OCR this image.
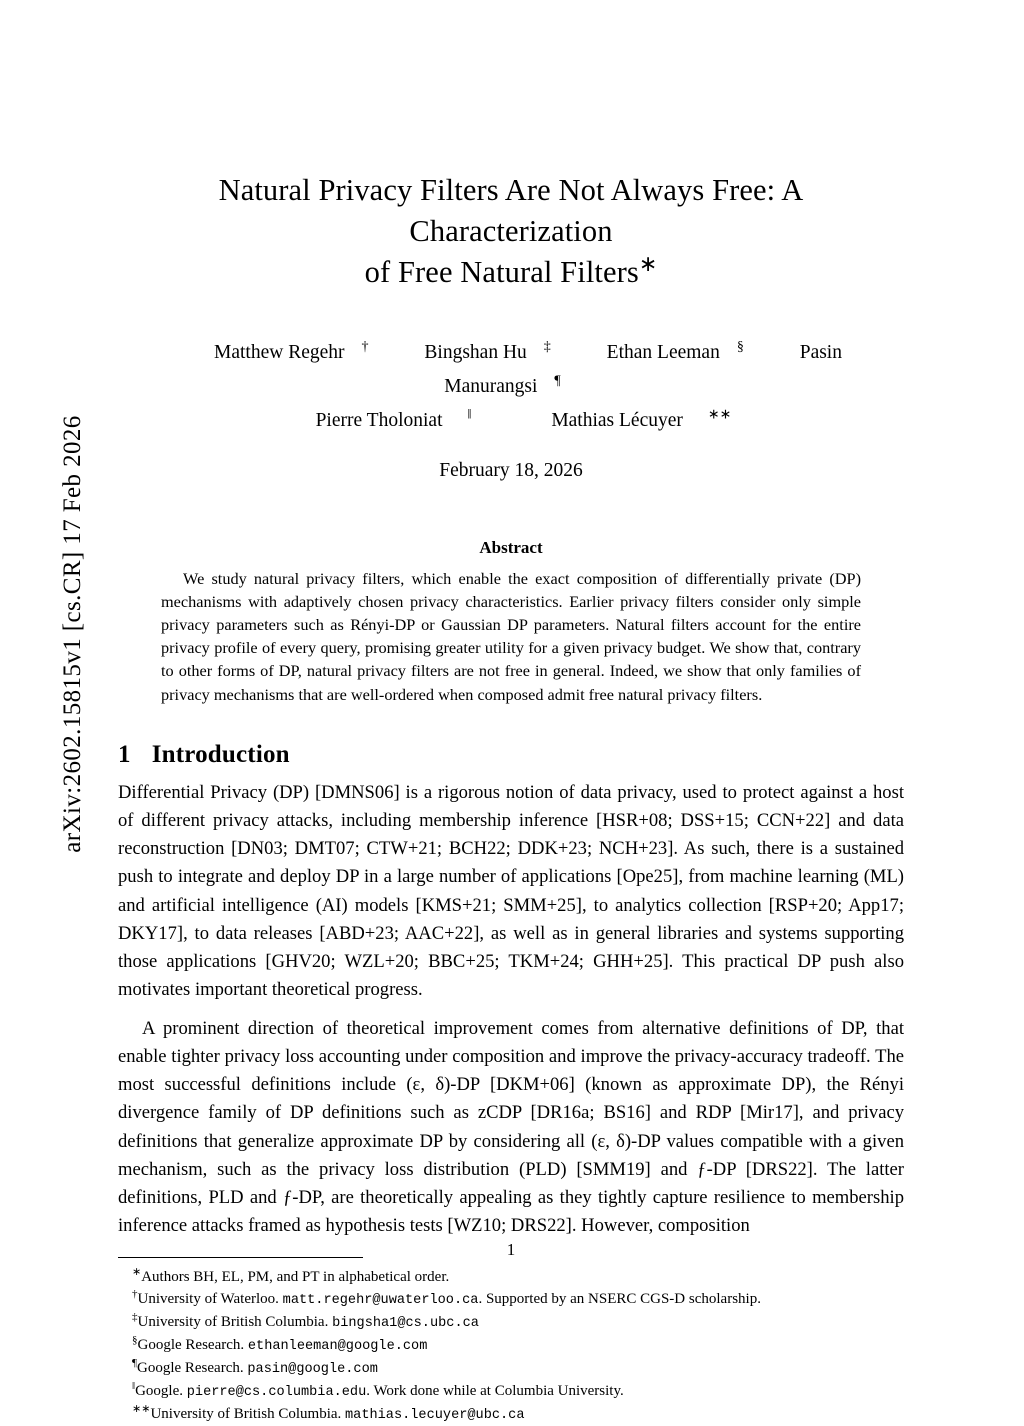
arXiv:2602.15815v1 [cs.CR] 17 Feb 2026
Natural Privacy Filters Are Not Always Free: A Characterization
of Free Natural Filters∗
Matthew Regehr †	Bingshan Hu ‡	Ethan Leeman §	Pasin Manurangsi ¶
Pierre Tholoniat ‖	Mathias Lécuyer ∗∗
February 18, 2026
Abstract
We study natural privacy filters, which enable the exact composition of differentially private (DP) mechanisms with adaptively chosen privacy characteristics. Earlier privacy filters consider only simple privacy parameters such as Rényi-DP or Gaussian DP parameters. Natural filters account for the entire privacy profile of every query, promising greater utility for a given privacy budget. We show that, contrary to other forms of DP, natural privacy filters are not free in general. Indeed, we show that only families of privacy mechanisms that are well-ordered when composed admit free natural privacy filters.
1 Introduction
Differential Privacy (DP) [DMNS06] is a rigorous notion of data privacy, used to protect against a host of different privacy attacks, including membership inference [HSR+08; DSS+15; CCN+22] and data reconstruction [DN03; DMT07; CTW+21; BCH22; DDK+23; NCH+23]. As such, there is a sustained push to integrate and deploy DP in a large number of applications [Ope25], from machine learning (ML) and artificial intelligence (AI) models [KMS+21; SMM+25], to analytics collection [RSP+20; App17; DKY17], to data releases [ABD+23; AAC+22], as well as in general libraries and systems supporting those applications [GHV20; WZL+20; BBC+25; TKM+24; GHH+25]. This practical DP push also motivates important theoretical progress.
A prominent direction of theoretical improvement comes from alternative definitions of DP, that enable tighter privacy loss accounting under composition and improve the privacy-accuracy tradeoff. The most successful definitions include (ε, δ)-DP [DKM+06] (known as approximate DP), the Rényi divergence family of DP definitions such as zCDP [DR16a; BS16] and RDP [Mir17], and privacy definitions that generalize approximate DP by considering all (ε, δ)-DP values compatible with a given mechanism, such as the privacy loss distribution (PLD) [SMM19] and ƒ-DP [DRS22]. The latter definitions, PLD and ƒ-DP, are theoretically appealing as they tightly capture resilience to membership inference attacks framed as hypothesis tests [WZ10; DRS22]. However, composition
∗Authors BH, EL, PM, and PT in alphabetical order.
†University of Waterloo. matt.regehr@uwaterloo.ca. Supported by an NSERC CGS-D scholarship.
‡University of British Columbia. bingsha1@cs.ubc.ca
§Google Research. ethanleeman@google.com
¶Google Research. pasin@google.com
‖Google. pierre@cs.columbia.edu. Work done while at Columbia University.
∗∗University of British Columbia. mathias.lecuyer@ubc.ca
1
